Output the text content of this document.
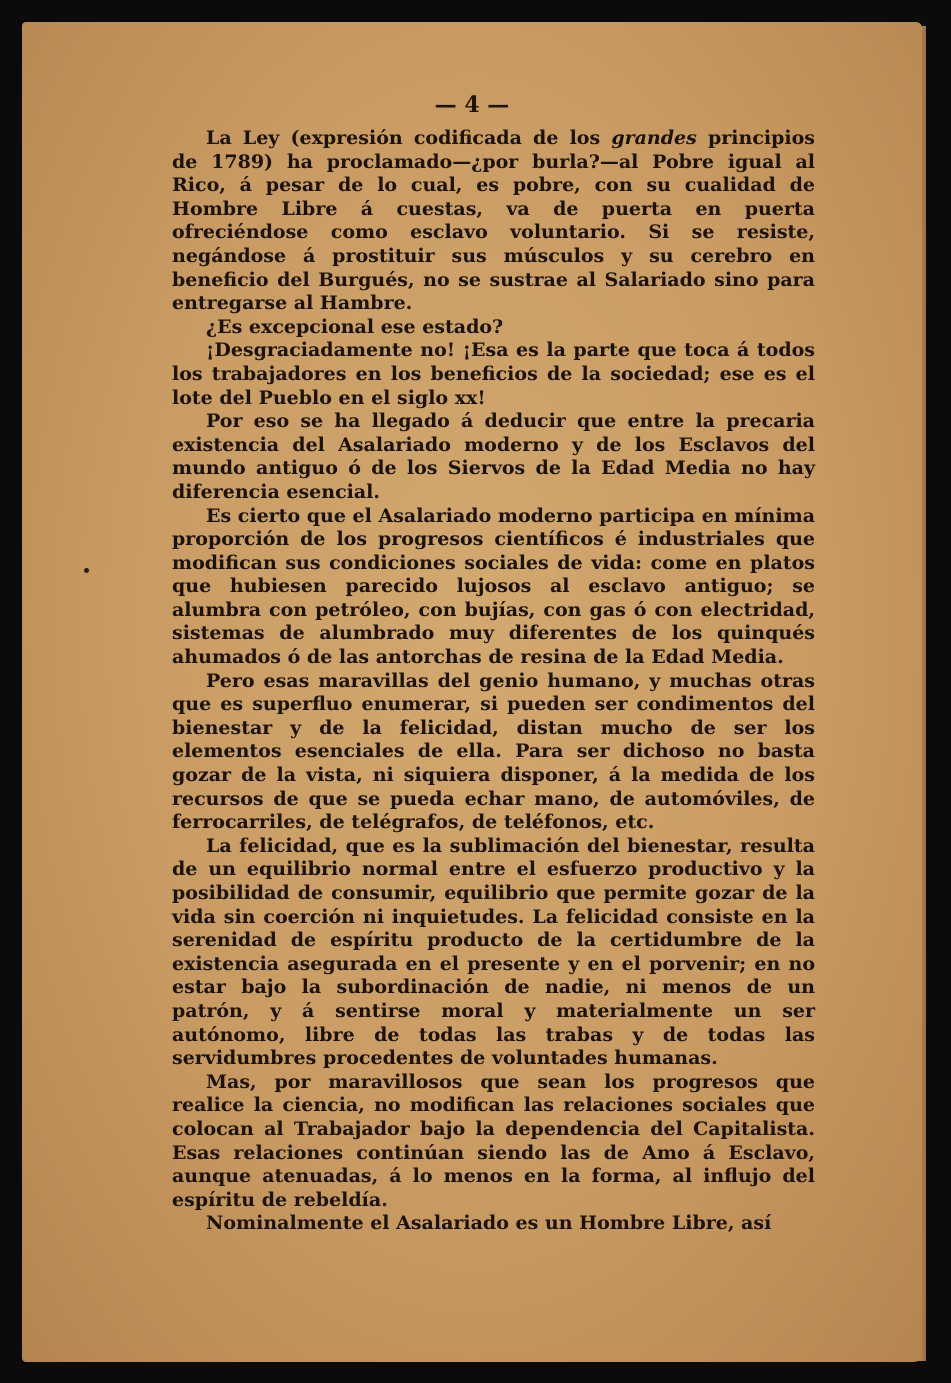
— 4 —

La Ley (expresión codificada de los grandes principios de 1789) ha proclamado—¿por burla?—al Pobre igual al Rico, á pesar de lo cual, es pobre, con su cualidad de Hombre Libre á cuestas, va de puerta en puerta ofreciéndose como esclavo voluntario. Si se resiste, negándose á prostituir sus músculos y su cerebro en beneficio del Burgués, no se sustrae al Salariado sino para entregarse al Hambre.

¿Es excepcional ese estado?

¡Desgraciadamente no! ¡Esa es la parte que toca á todos los trabajadores en los beneficios de la sociedad; ese es el lote del Pueblo en el siglo xx!

Por eso se ha llegado á deducir que entre la precaria existencia del Asalariado moderno y de los Esclavos del mundo antiguo ó de los Siervos de la Edad Media no hay diferencia esencial.

Es cierto que el Asalariado moderno participa en mínima proporción de los progresos científicos é industriales que modifican sus condiciones sociales de vida: come en platos que hubiesen parecido lujosos al esclavo antiguo; se alumbra con petróleo, con bujías, con gas ó con electridad, sistemas de alumbrado muy diferentes de los quinqués ahumados ó de las antorchas de resina de la Edad Media.

Pero esas maravillas del genio humano, y muchas otras que es superfluo enumerar, si pueden ser condimentos del bienestar y de la felicidad, distan mucho de ser los elementos esenciales de ella. Para ser dichoso no basta gozar de la vista, ni siquiera disponer, á la medida de los recursos de que se pueda echar mano, de automóviles, de ferrocarriles, de telégrafos, de teléfonos, etc.

La felicidad, que es la sublimación del bienestar, resulta de un equilibrio normal entre el esfuerzo productivo y la posibilidad de consumir, equilibrio que permite gozar de la vida sin coerción ni inquietudes. La felicidad consiste en la serenidad de espíritu producto de la certidumbre de la existencia asegurada en el presente y en el porvenir; en no estar bajo la subordinación de nadie, ni menos de un patrón, y á sentirse moral y materialmente un ser autónomo, libre de todas las trabas y de todas las servidumbres procedentes de voluntades humanas.

Mas, por maravillosos que sean los progresos que realice la ciencia, no modifican las relaciones sociales que colocan al Trabajador bajo la dependencia del Capitalista. Esas relaciones continúan siendo las de Amo á Esclavo, aunque atenuadas, á lo menos en la forma, al influjo del espíritu de rebeldía.

Nominalmente el Asalariado es un Hombre Libre, así
